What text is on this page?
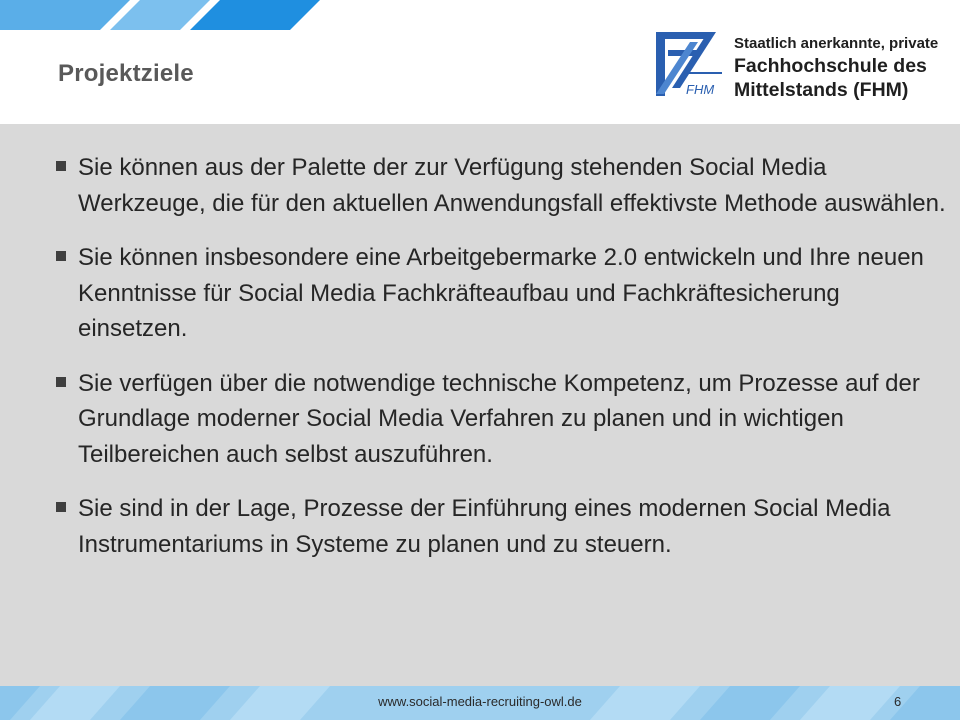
Projektziele
FHM
Staatlich anerkannte, private
Fachhochschule des
Mittelstands (FHM)
Sie können aus der Palette der zur Verfügung stehenden Social Media Werkzeuge, die für den aktuellen Anwendungsfall effektivste Methode auswählen.
Sie können insbesondere eine Arbeitgebermarke 2.0 entwickeln und Ihre neuen Kenntnisse für Social Media Fachkräfteaufbau und Fachkräftesicherung einsetzen.
Sie verfügen über die notwendige technische Kompetenz, um Prozesse auf der Grundlage moderner Social Media Verfahren zu planen und in wichtigen Teilbereichen auch selbst auszuführen.
Sie sind in der Lage, Prozesse der Einführung eines modernen Social Media Instrumentariums in Systeme zu planen und zu steuern.
www.social-media-recruiting-owl.de	6
